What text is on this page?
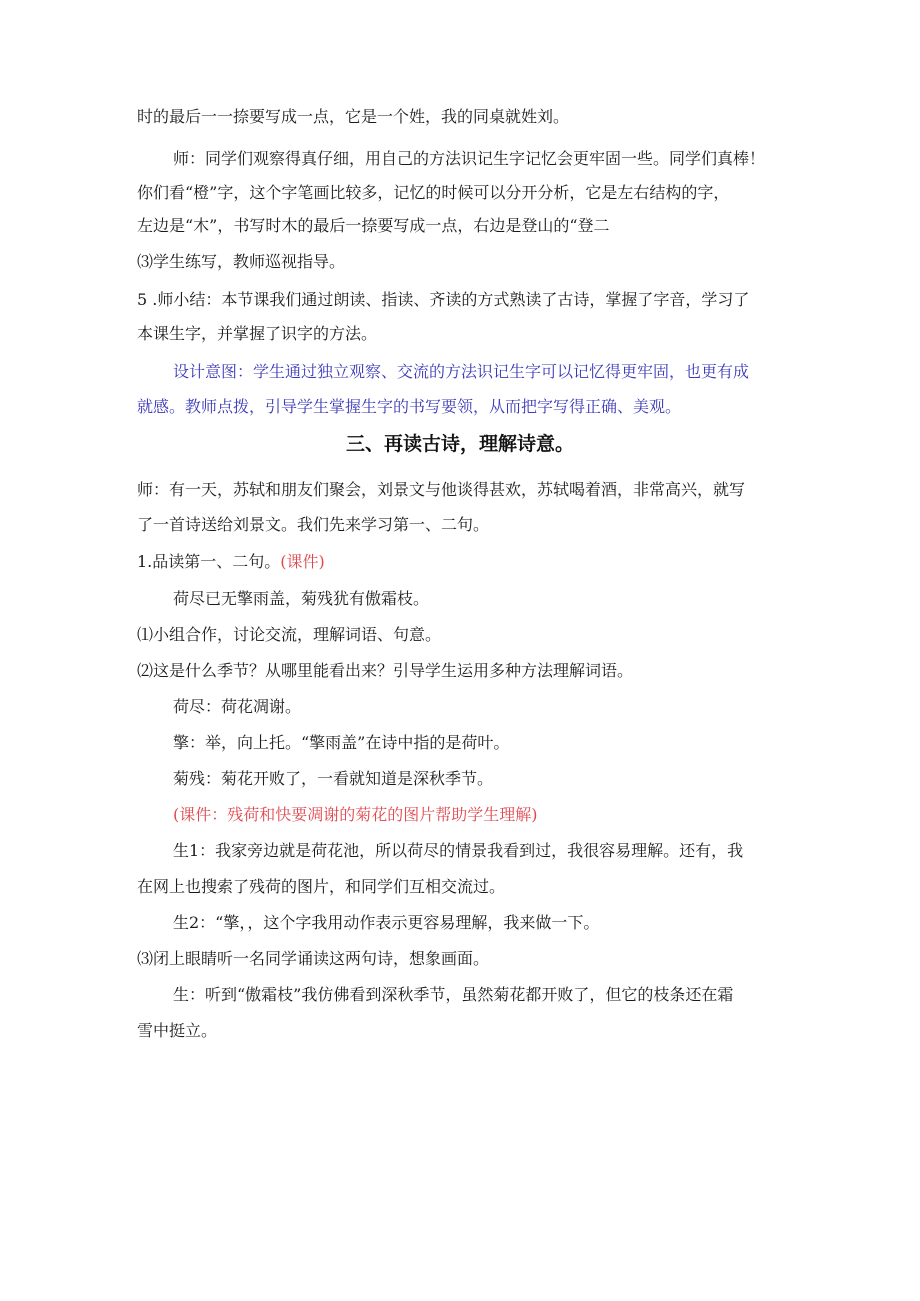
时的最后一一捺要写成一点，它是一个姓，我的同桌就姓刘。
师：同学们观察得真仔细，用自己的方法识记生字记忆会更牢固一些。同学们真棒！
你们看“橙”字，这个字笔画比较多，记忆的时候可以分开分析，它是左右结构的字，
左边是“木”，书写时木的最后一捺要写成一点，右边是登山的“登二
⑶学生练写，教师巡视指导。
5 .师小结：本节课我们通过朗读、指读、齐读的方式熟读了古诗，掌握了字音，学习了
本课生字，并掌握了识字的方法。
设计意图：学生通过独立观察、交流的方法识记生字可以记忆得更牢固，也更有成
就感。教师点拨，引导学生掌握生字的书写要领，从而把字写得正确、美观。
三、再读古诗，理解诗意。
师：有一天，苏轼和朋友们聚会，刘景文与他谈得甚欢，苏轼喝着酒，非常高兴，就写
了一首诗送给刘景文。我们先来学习第一、二句。
1.品读第一、二句。(课件)
荷尽已无擎雨盖，菊残犹有傲霜枝。
⑴小组合作，讨论交流，理解词语、句意。
⑵这是什么季节？从哪里能看出来？引导学生运用多种方法理解词语。
荷尽：荷花凋谢。
擎：举，向上托。“擎雨盖”在诗中指的是荷叶。
菊残：菊花开败了，一看就知道是深秋季节。
(课件：残荷和快要凋谢的菊花的图片帮助学生理解)
生1：我家旁边就是荷花池，所以荷尽的情景我看到过，我很容易理解。还有，我
在网上也搜索了残荷的图片，和同学们互相交流过。
生2：“擎，，这个字我用动作表示更容易理解，我来做一下。
⑶闭上眼睛听一名同学诵读这两句诗，想象画面。
生：听到“傲霜枝”我仿佛看到深秋季节，虽然菊花都开败了，但它的枝条还在霜
雪中挺立。
